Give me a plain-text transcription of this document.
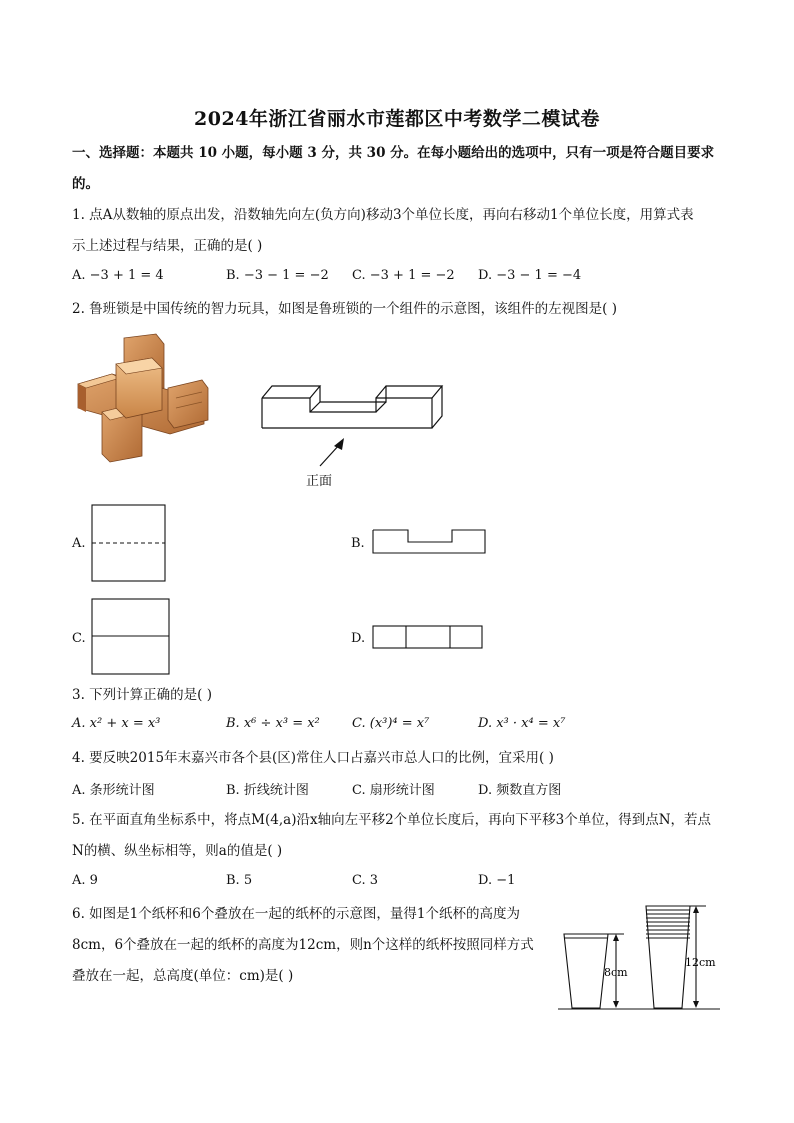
2024年浙江省丽水市莲都区中考数学二模试卷
一、选择题：本题共 10 小题，每小题 3 分，共 30 分。在每小题给出的选项中，只有一项是符合题目要求
的。
1. 点A从数轴的原点出发，沿数轴先向左(负方向)移动3个单位长度，再向右移动1个单位长度，用算式表
示上述过程与结果，正确的是( )
A. −3 + 1 = 4	B. −3 − 1 = −2 C. −3 + 1 = −2 D. −3 − 1 = −4
2. 鲁班锁是中国传统的智力玩具，如图是鲁班锁的一个组件的示意图，该组件的左视图是( )
正面
A.	B.
C.	D.
3. 下列计算正确的是( )
A. x² + x = x³	B. x⁶ ÷ x³ = x² C. (x³)⁴ = x⁷	D. x³ · x⁴ = x⁷
4. 要反映2015年末嘉兴市各个县(区)常住人口占嘉兴市总人口的比例，宜采用( )
A. 条形统计图	B. 折线统计图	C. 扇形统计图	D. 频数直方图
5. 在平面直角坐标系中，将点M(4,a)沿x轴向左平移2个单位长度后，再向下平移3个单位，得到点N，若点
N的横、纵坐标相等，则a的值是( )
A. 9	B. 5	C. 3	D. −1
6. 如图是1个纸杯和6个叠放在一起的纸杯的示意图，量得1个纸杯的高度为
8cm，6个叠放在一起的纸杯的高度为12cm，则n个这样的纸杯按照同样方式
叠放在一起，总高度(单位：cm)是( )	8cm
12cm
